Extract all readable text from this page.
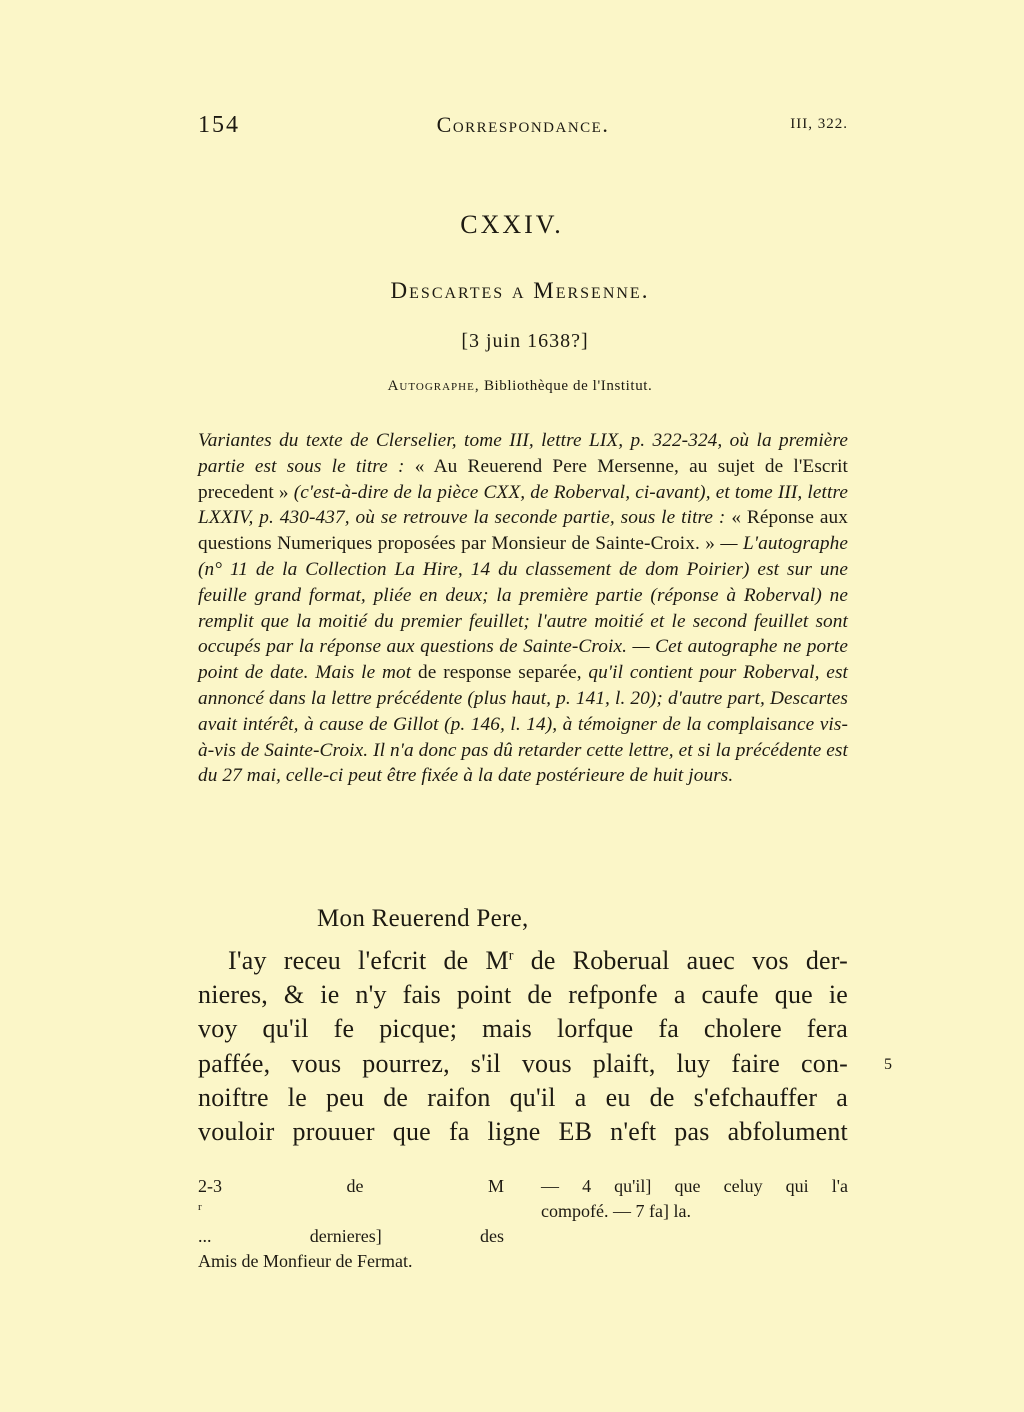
154	Correspondance.	III, 322.
CXXIV.
Descartes a Mersenne.
[3 juin 1638?]
Autographe, Bibliothèque de l'Institut.
Variantes du texte de Clerselier, tome III, lettre LIX, p. 322-324, où la première partie est sous le titre : « Au Reuerend Pere Mersenne, au sujet de l'Escrit precedent » (c'est-à-dire de la pièce CXX, de Roberval, ci-avant), et tome III, lettre LXXIV, p. 430-437, où se retrouve la seconde partie, sous le titre : « Réponse aux questions Numeriques proposées par Monsieur de Sainte-Croix. » — L'autographe (n° 11 de la Collection La Hire, 14 du classement de dom Poirier) est sur une feuille grand format, pliée en deux; la première partie (réponse à Roberval) ne remplit que la moitié du premier feuillet; l'autre moitié et le second feuillet sont occupés par la réponse aux questions de Sainte-Croix. — Cet autographe ne porte point de date. Mais le mot de response separée, qu'il contient pour Roberval, est annoncé dans la lettre précédente (plus haut, p. 141, l. 20); d'autre part, Descartes avait intérêt, à cause de Gillot (p. 146, l. 14), à témoigner de la complaisance vis-à-vis de Sainte-Croix. Il n'a donc pas dû retarder cette lettre, et si la précédente est du 27 mai, celle-ci peut être fixée à la date postérieure de huit jours.
Mon Reuerend Pere,
I'ay receu l'efcrit de $M^r$ de Roberual auec vos der-
nieres, & ie n'y fais point de refponfe a caufe que ie
voy qu'il fe picque; mais lorfque fa cholere fera
paffée, vous pourrez, s'il vous plaift, luy faire con-
noiftre le peu de raifon qu'il a eu de s'efchauffer a
vouloir prouuer que fa ligne EB n'eft pas abfolument
5
2-3 de M
$^r$
... dernieres] des
Amis de Monfieur de Fermat.
— 4 qu'il] que celuy qui l'a
compofé. — 7 fa] la.
